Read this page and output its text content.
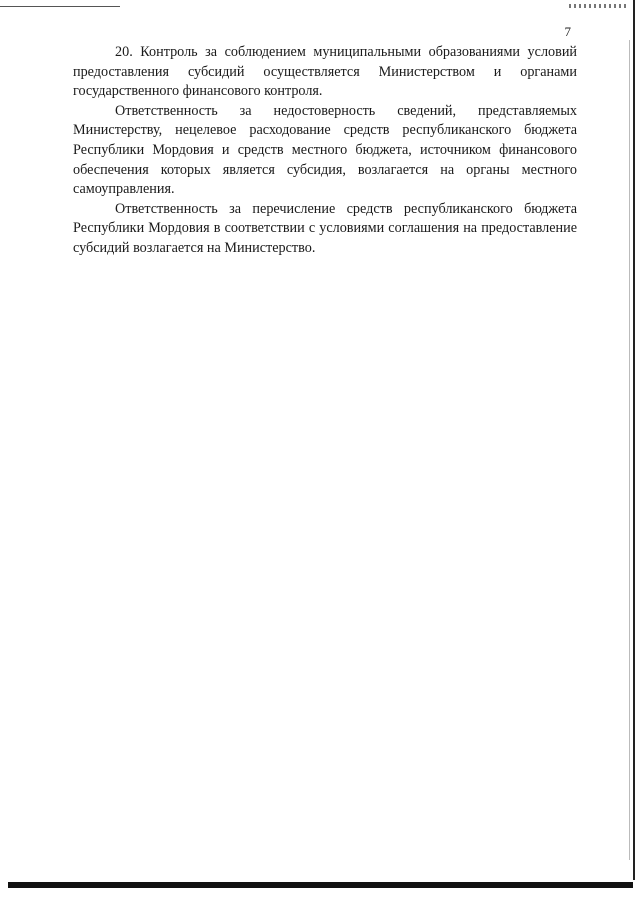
7

20. Контроль за соблюдением муниципальными образованиями условий предоставления субсидий осуществляется Министерством и органами государственного финансового контроля.

Ответственность за недостоверность сведений, представляемых Министерству, нецелевое расходование средств республиканского бюджета Республики Мордовия и средств местного бюджета, источником финансового обеспечения которых является субсидия, возлагается на органы местного самоуправления.

Ответственность за перечисление средств республиканского бюджета Республики Мордовия в соответствии с условиями соглашения на предоставление субсидий возлагается на Министерство.
